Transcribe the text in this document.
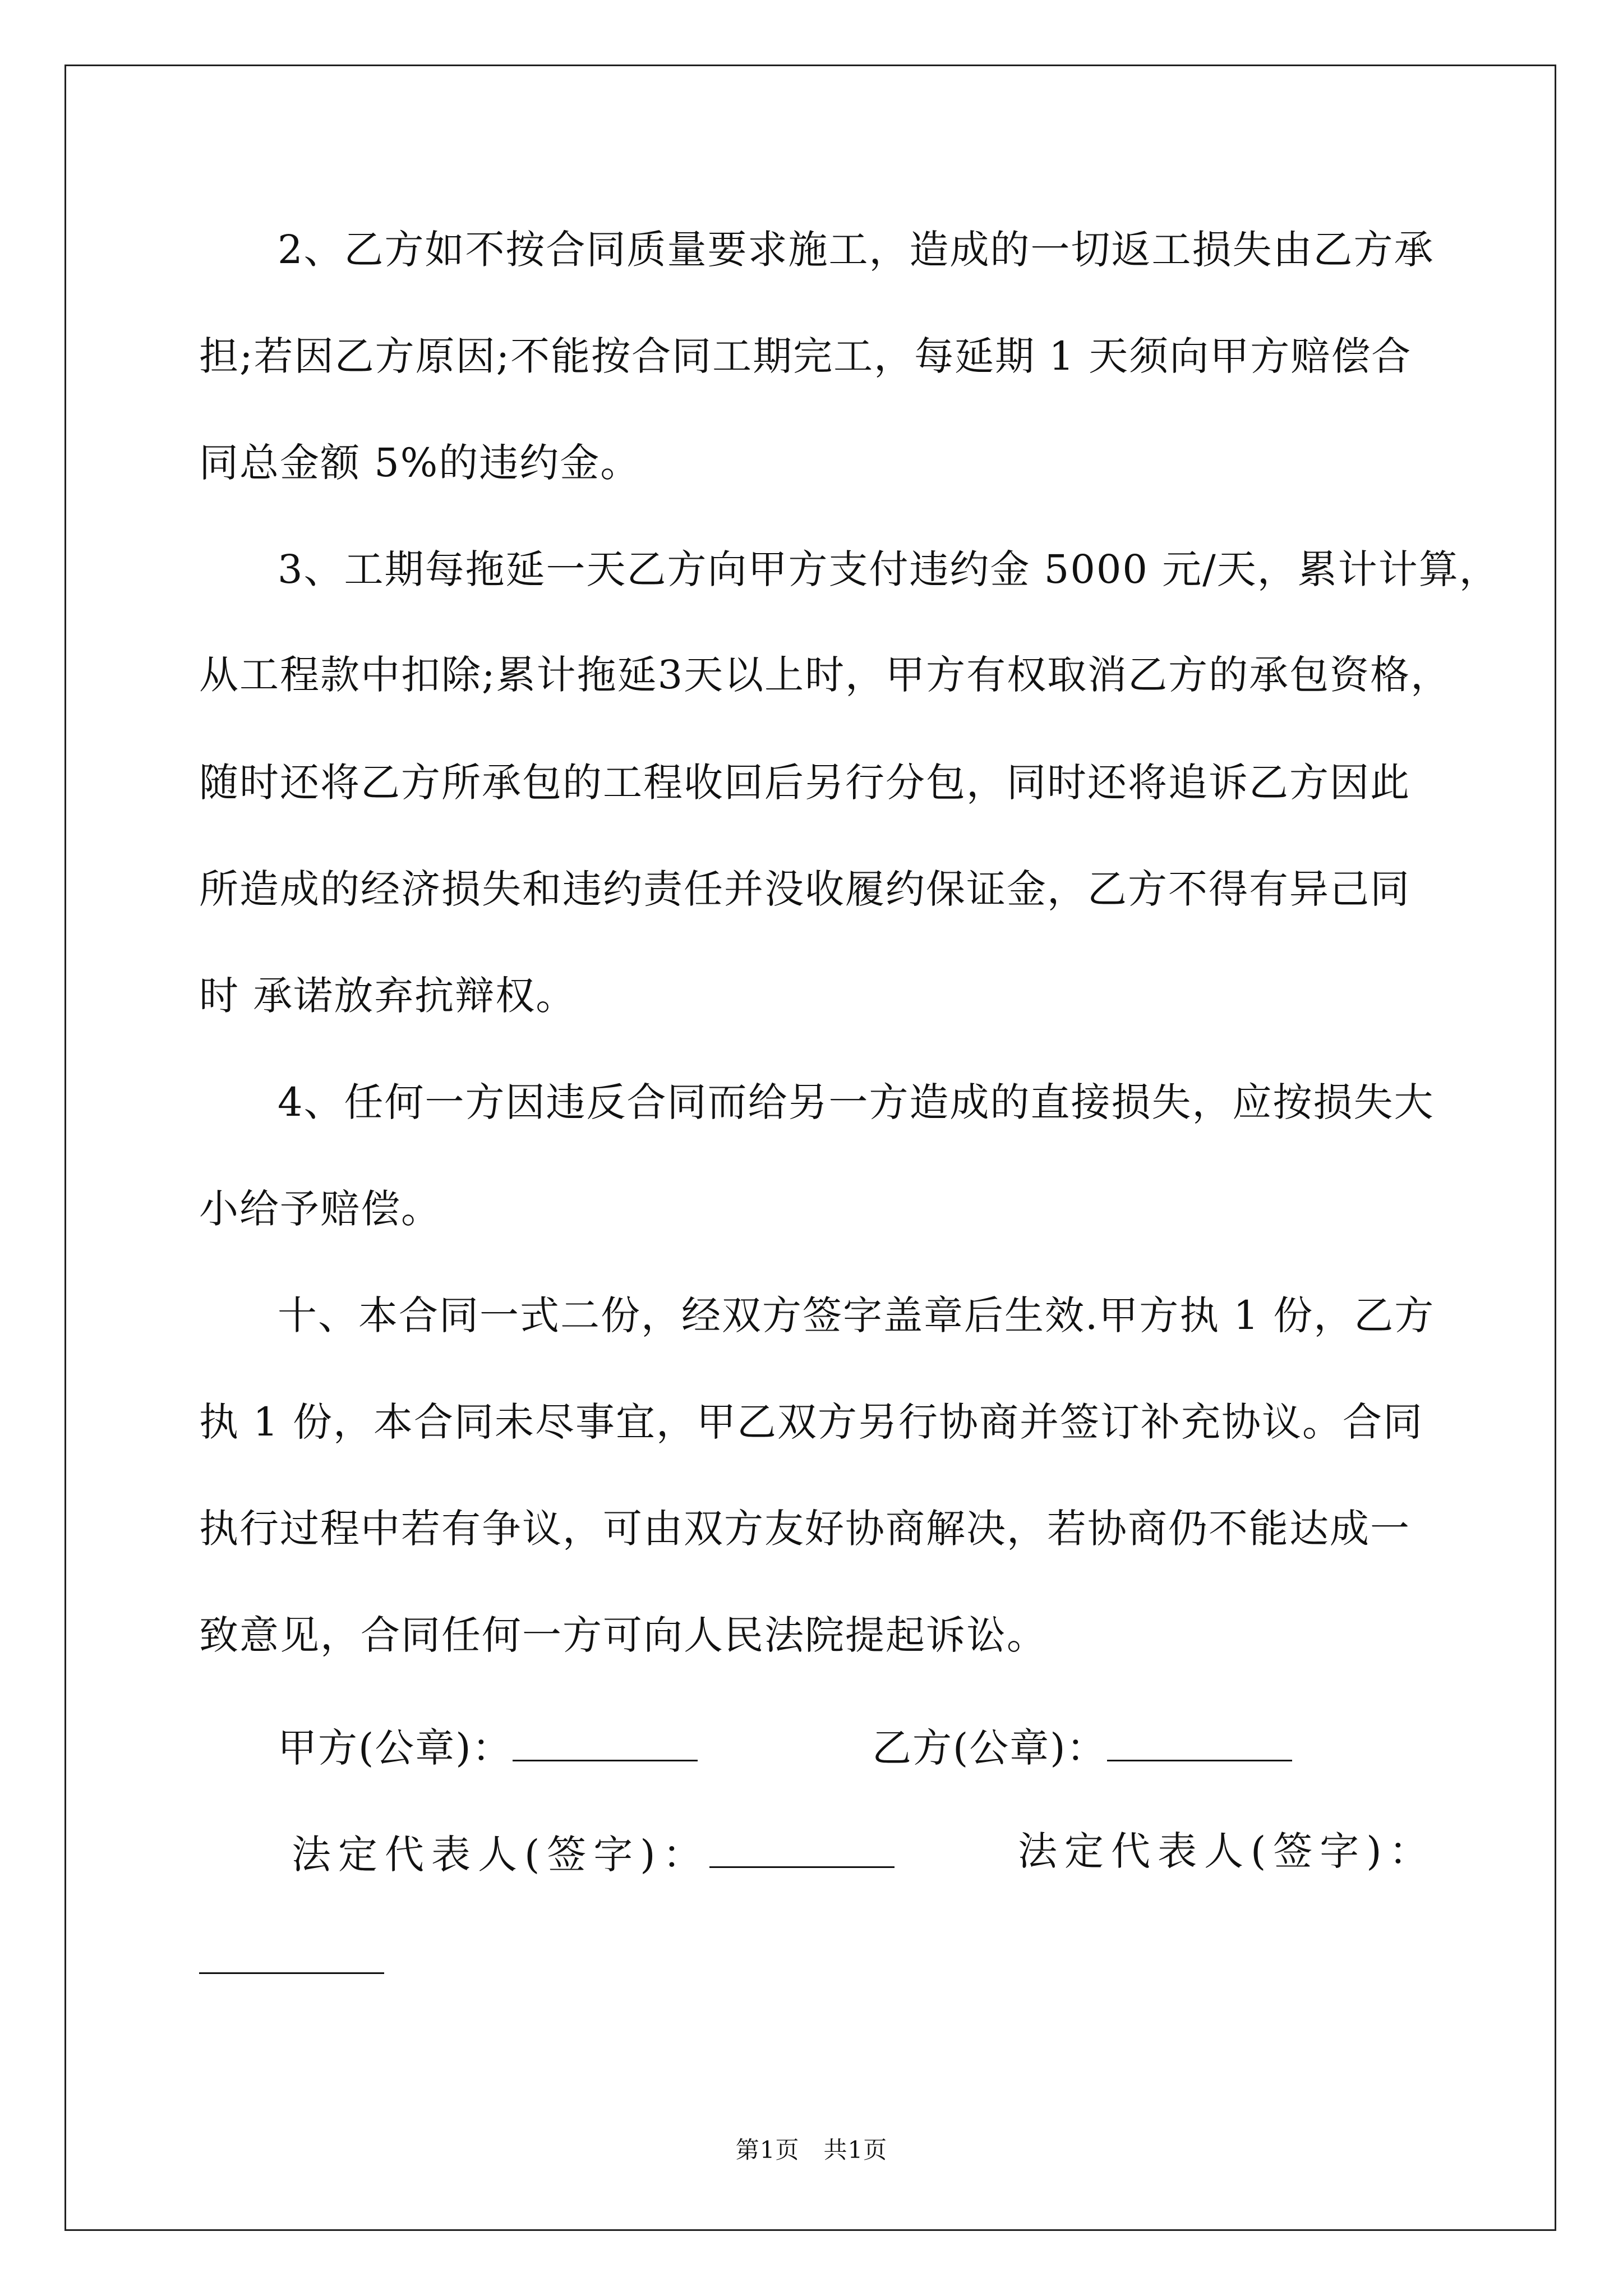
2、乙方如不按合同质量要求施工，造成的一切返工损失由乙方承
担;若因乙方原因;不能按合同工期完工，每延期 1 天须向甲方赔偿合
同总金额 5%的违约金。
3、工期每拖延一天乙方向甲方支付违约金 5000 元/天，累计计算，
从工程款中扣除;累计拖延3天以上时，甲方有权取消乙方的承包资格，
随时还将乙方所承包的工程收回后另行分包，同时还将追诉乙方因此
所造成的经济损失和违约责任并没收履约保证金，乙方不得有异己同
时 承诺放弃抗辩权。
4、任何一方因违反合同而给另一方造成的直接损失，应按损失大
小给予赔偿。
十、本合同一式二份，经双方签字盖章后生效.甲方执 1 份，乙方
执 1 份，本合同未尽事宜，甲乙双方另行协商并签订补充协议。合同
执行过程中若有争议，可由双方友好协商解决，若协商仍不能达成一
致意见，合同任何一方可向人民法院提起诉讼。
甲方(公章)：	乙方(公章)：
法定代表人(签字)：	法定代表人(签字)：
第1页　共1页
